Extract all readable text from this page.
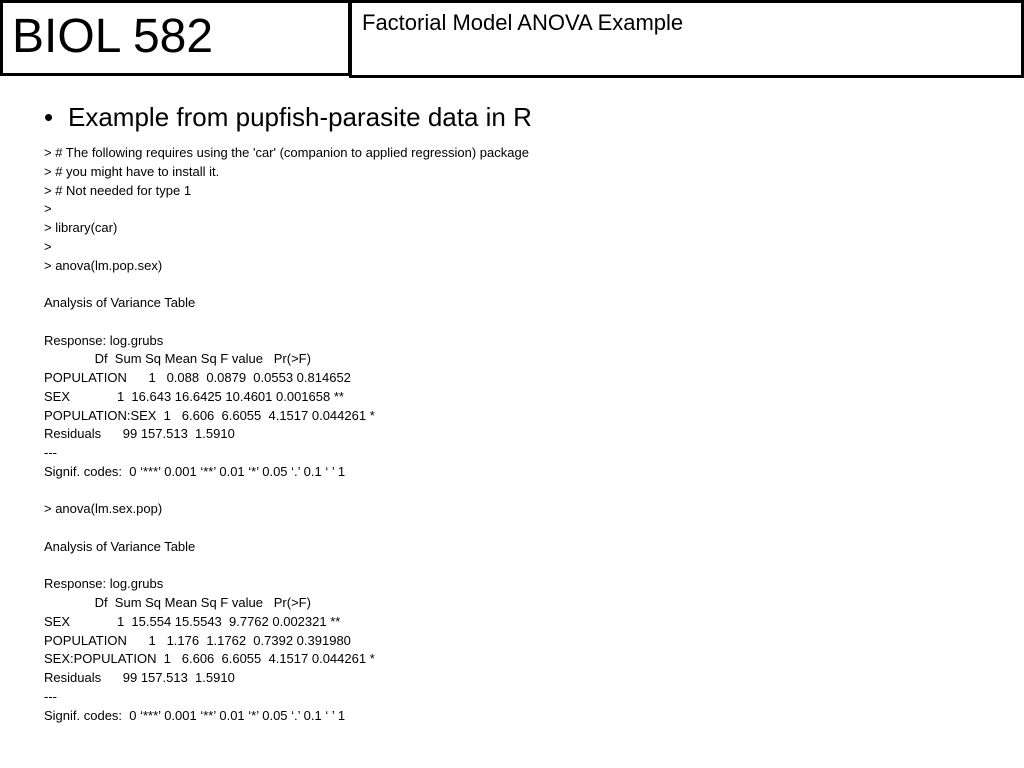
BIOL 582	Factorial Model ANOVA Example
• Example from pupfish-parasite data in R
> # The following requires using the 'car' (companion to applied regression) package
> # you might have to install it.
> # Not needed for type 1
>
> library(car)
>
> anova(lm.pop.sex)
Analysis of Variance Table
Response: log.grubs
Df  Sum Sq Mean Sq F value   Pr(>F)
POPULATION      1   0.088  0.0879  0.0553 0.814652
SEX             1  16.643 16.6425 10.4601 0.001658 **
POPULATION:SEX  1   6.606  6.6055  4.1517 0.044261 *
Residuals      99 157.513  1.5910
---
Signif. codes:  0 ‘***’ 0.001 ‘**’ 0.01 ‘*’ 0.05 ‘.’ 0.1 ‘ ’ 1
> anova(lm.sex.pop)
Analysis of Variance Table
Response: log.grubs
Df  Sum Sq Mean Sq F value   Pr(>F)
SEX             1  15.554 15.5543  9.7762 0.002321 **
POPULATION      1   1.176  1.1762  0.7392 0.391980
SEX:POPULATION  1   6.606  6.6055  4.1517 0.044261 *
Residuals      99 157.513  1.5910
---
Signif. codes:  0 ‘***’ 0.001 ‘**’ 0.01 ‘*’ 0.05 ‘.’ 0.1 ‘ ’ 1
